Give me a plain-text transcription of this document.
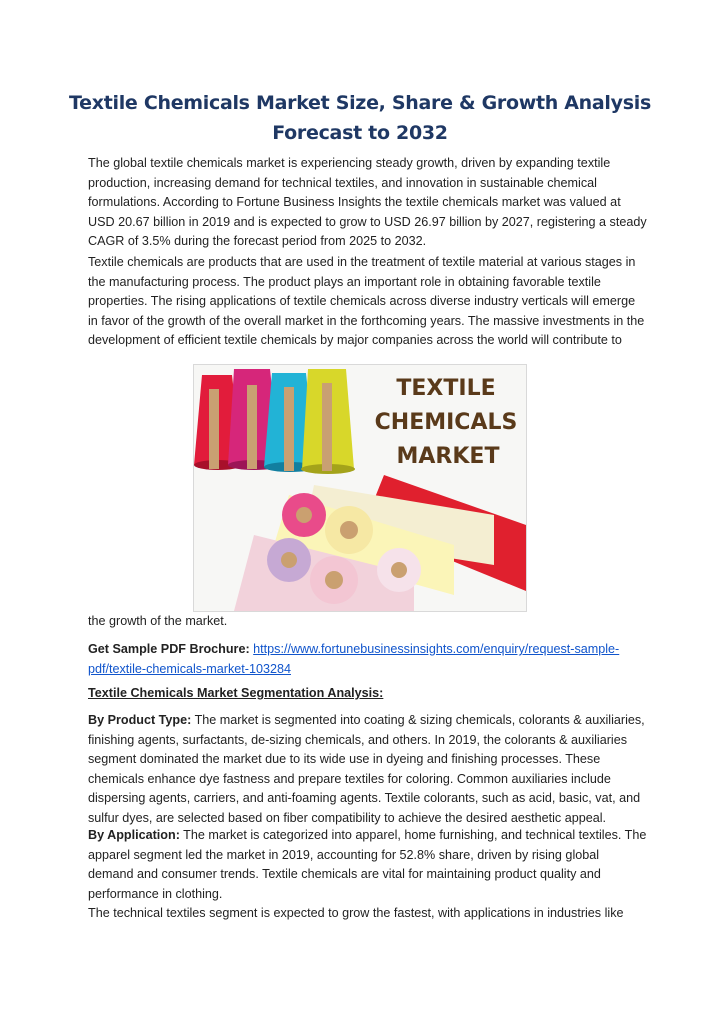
Textile Chemicals Market Size, Share & Growth Analysis
Forecast to 2032

The global textile chemicals market is experiencing steady growth, driven by expanding textile production, increasing demand for technical textiles, and innovation in sustainable chemical formulations. According to Fortune Business Insights the textile chemicals market was valued at USD 20.67 billion in 2019 and is expected to grow to USD 26.97 billion by 2027, registering a steady CAGR of 3.5% during the forecast period from 2025 to 2032.

Textile chemicals are products that are used in the treatment of textile material at various stages in the manufacturing process. The product plays an important role in obtaining favorable textile properties. The rising applications of textile chemicals across diverse industry verticals will emerge in favor of the growth of the overall market in the forthcoming years. The massive investments in the development of efficient textile chemicals by major companies across the world will contribute to

TEXTILE
CHEMICALS
MARKET

the growth of the market.

Get Sample PDF Brochure: https://www.fortunebusinessinsights.com/enquiry/request-sample-pdf/textile-chemicals-market-103284

Textile Chemicals Market Segmentation Analysis:

By Product Type: The market is segmented into coating & sizing chemicals, colorants & auxiliaries, finishing agents, surfactants, de-sizing chemicals, and others. In 2019, the colorants & auxiliaries segment dominated the market due to its wide use in dyeing and finishing processes. These chemicals enhance dye fastness and prepare textiles for coloring. Common auxiliaries include dispersing agents, carriers, and anti-foaming agents. Textile colorants, such as acid, basic, vat, and sulfur dyes, are selected based on fiber compatibility to achieve the desired aesthetic appeal.

By Application: The market is categorized into apparel, home furnishing, and technical textiles. The apparel segment led the market in 2019, accounting for 52.8% share, driven by rising global demand and consumer trends. Textile chemicals are vital for maintaining product quality and performance in clothing.
The technical textiles segment is expected to grow the fastest, with applications in industries like
